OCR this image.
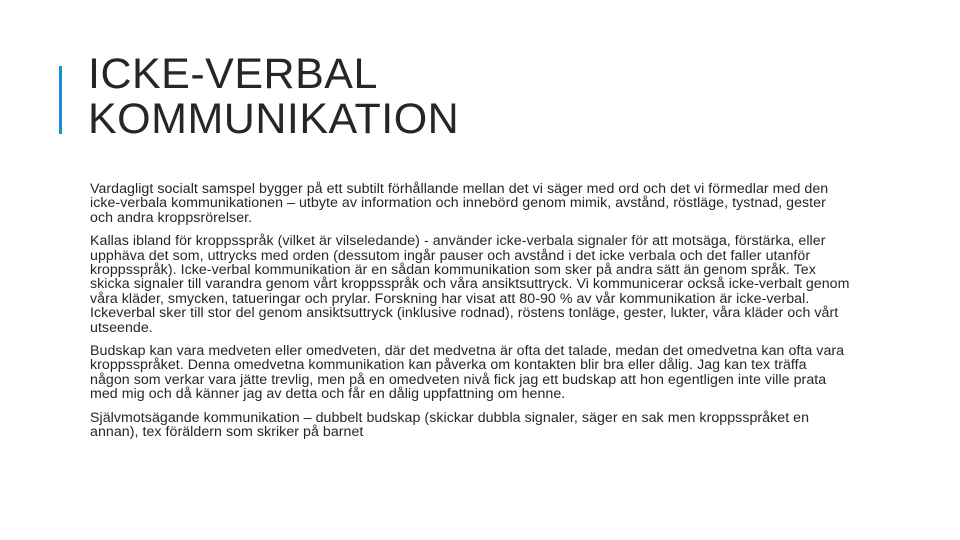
ICKE-VERBAL
KOMMUNIKATION

Vardagligt socialt samspel bygger på ett subtilt förhållande mellan det vi säger med ord och det vi förmedlar med den icke-verbala kommunikationen – utbyte av information och innebörd genom mimik, avstånd, röstläge, tystnad, gester och andra kroppsrörelser.

Kallas ibland för kroppsspråk (vilket är vilseledande) - använder icke-verbala signaler för att motsäga, förstärka, eller upphäva det som, uttrycks med orden (dessutom ingår pauser och avstånd i det icke verbala och det faller utanför kroppsspråk). Icke-verbal kommunikation är en sådan kommunikation som sker på andra sätt än genom språk. Tex skicka signaler till varandra genom vårt kroppsspråk och våra ansiktsuttryck. Vi kommunicerar också icke-verbalt genom våra kläder, smycken, tatueringar och prylar. Forskning har visat att 80-90 % av vår kommunikation är icke-verbal. Ickeverbal sker till stor del genom ansiktsuttryck (inklusive rodnad), röstens tonläge, gester, lukter, våra kläder och vårt utseende.

Budskap kan vara medveten eller omedveten, där det medvetna är ofta det talade, medan det omedvetna kan ofta vara kroppsspråket. Denna omedvetna kommunikation kan påverka om kontakten blir bra eller dålig. Jag kan tex träffa någon som verkar vara jätte trevlig, men på en omedveten nivå fick jag ett budskap att hon egentligen inte ville prata med mig och då känner jag av detta och får en dålig uppfattning om henne.

Självmotsägande kommunikation – dubbelt budskap (skickar dubbla signaler, säger en sak men kroppsspråket en annan), tex föräldern som skriker på barnet
